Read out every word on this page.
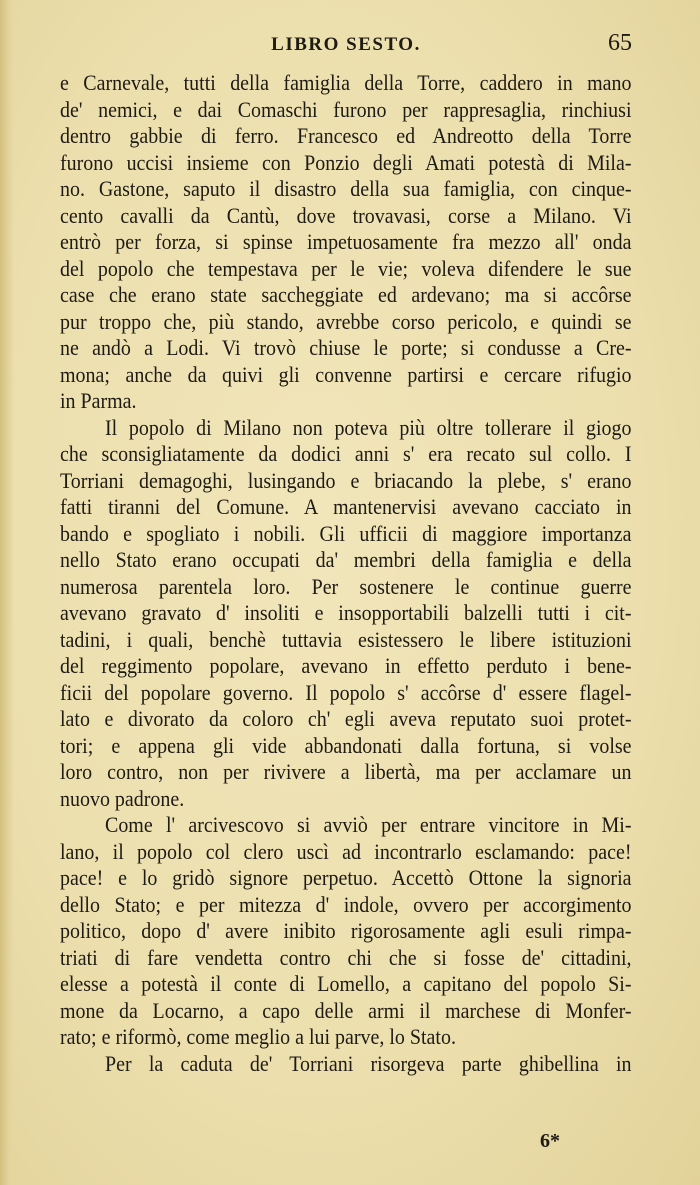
LIBRO SESTO.	65
e Carnevale, tutti della famiglia della Torre, caddero in mano
de' nemici, e dai Comaschi furono per rappresaglia, rinchiusi
dentro gabbie di ferro. Francesco ed Andreotto della Torre
furono uccisi insieme con Ponzio degli Amati potestà di Mila-
no. Gastone, saputo il disastro della sua famiglia, con cinque-
cento cavalli da Cantù, dove trovavasi, corse a Milano. Vi
entrò per forza, si spinse impetuosamente fra mezzo all' onda
del popolo che tempestava per le vie; voleva difendere le sue
case che erano state saccheggiate ed ardevano; ma si accôrse
pur troppo che, più stando, avrebbe corso pericolo, e quindi se
ne andò a Lodi. Vi trovò chiuse le porte; si condusse a Cre-
mona; anche da quivi gli convenne partirsi e cercare rifugio
in Parma.
Il popolo di Milano non poteva più oltre tollerare il giogo
che sconsigliatamente da dodici anni s' era recato sul collo. I
Torriani demagoghi, lusingando e briacando la plebe, s' erano
fatti tiranni del Comune. A mantenervisi avevano cacciato in
bando e spogliato i nobili. Gli ufficii di maggiore importanza
nello Stato erano occupati da' membri della famiglia e della
numerosa parentela loro. Per sostenere le continue guerre
avevano gravato d' insoliti e insopportabili balzelli tutti i cit-
tadini, i quali, benchè tuttavia esistessero le libere istituzioni
del reggimento popolare, avevano in effetto perduto i bene-
ficii del popolare governo. Il popolo s' accôrse d' essere flagel-
lato e divorato da coloro ch' egli aveva reputato suoi protet-
tori; e appena gli vide abbandonati dalla fortuna, si volse
loro contro, non per rivivere a libertà, ma per acclamare un
nuovo padrone.
Come l' arcivescovo si avviò per entrare vincitore in Mi-
lano, il popolo col clero uscì ad incontrarlo esclamando: pace!
pace! e lo gridò signore perpetuo. Accettò Ottone la signoria
dello Stato; e per mitezza d' indole, ovvero per accorgimento
politico, dopo d' avere inibito rigorosamente agli esuli rimpa-
triati di fare vendetta contro chi che si fosse de' cittadini,
elesse a potestà il conte di Lomello, a capitano del popolo Si-
mone da Locarno, a capo delle armi il marchese di Monfer-
rato; e riformò, come meglio a lui parve, lo Stato.
Per la caduta de' Torriani risorgeva parte ghibellina in
6*
